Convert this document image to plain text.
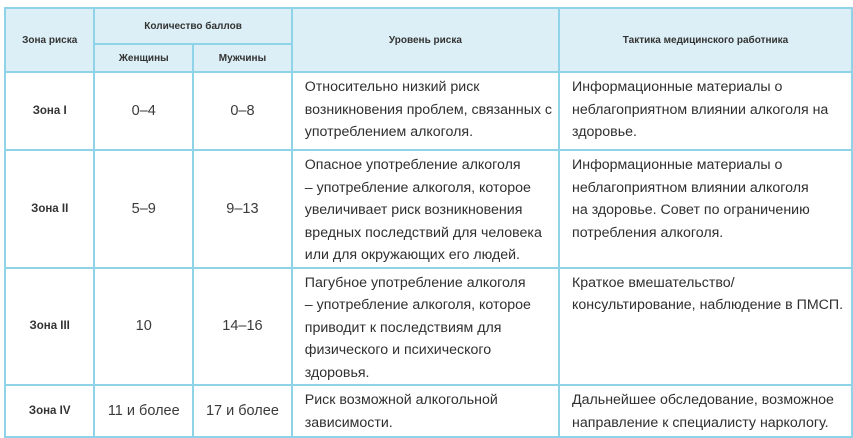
Зона риска	Количество баллов		Уровень риска	Тактика медицинского работника
	Женщины	Мужчины		
Зона I	0–4	0–8	Относительно низкий риск
возникновения проблем, связанных с
употреблением алкоголя.	Информационные материалы о
неблагоприятном влиянии алкоголя на
здоровье.

Зона II	5–9	9–13	Опасное употребление алкоголя
– употребление алкоголя, которое
увеличивает риск возникновения
вредных последствий для человека
или для окружающих его людей.	Информационные материалы о
неблагоприятном влиянии алкоголя
на здоровье. Совет по ограничению
потребления алкоголя.

Зона III	10	14–16	Пагубное употребление алкоголя
– употребление алкоголя, которое
приводит к последствиям для
физического и психического
здоровья.	Краткое вмешательство/
консультирование, наблюдение в ПМСП.

Зона IV	11 и более	17 и более	Риск возможной алкогольной
зависимости.	Дальнейшее обследование, возможное
направление к специалисту наркологу.
